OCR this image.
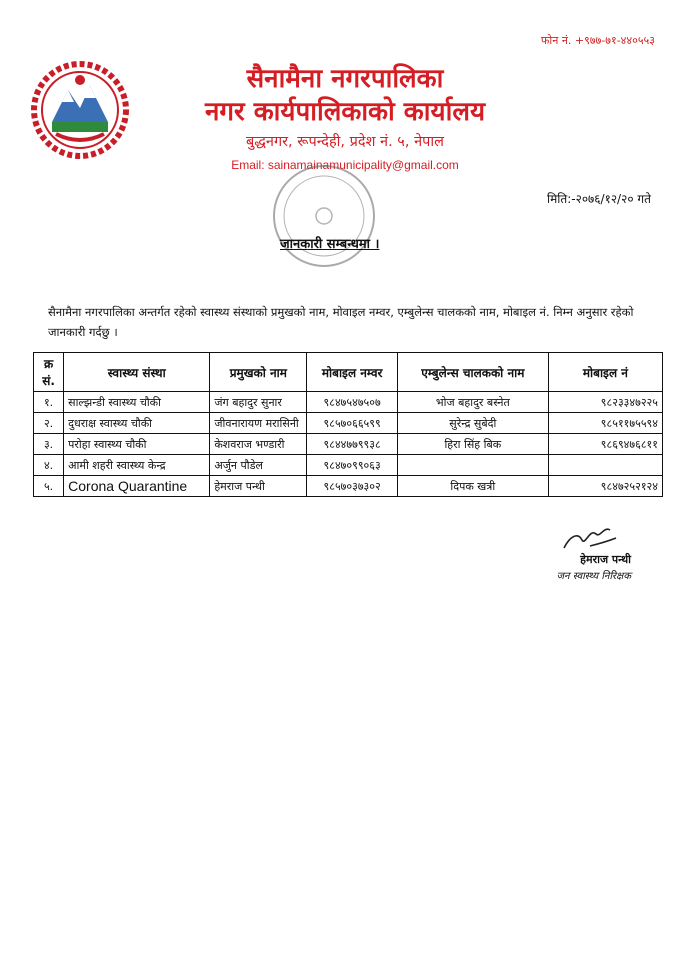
फोन नं. +९७७-७१-४४०५५३
सैनामैना नगरपालिका
नगर कार्यपालिकाको कार्यालय
बुद्धनगर, रूपन्देही, प्रदेश नं. ५, नेपाल
Email: sainamainamunicipality@gmail.com
मिति:-२०७६/१२/२० गते
जानकारी सम्बन्धमा ।
सैनामैना नगरपालिका अन्तर्गत रहेको स्वास्थ्य संस्थाको प्रमुखको नाम, मोवाइल नम्वर, एम्बुलेन्स चालकको नाम, मोबाइल नं. निम्न अनुसार रहेको जानकारी गर्दछु ।
क्र सं.	स्वास्थ्य संस्था	प्रमुखको नाम	मोबाइल नम्वर	एम्बुलेन्स चालकको नाम	मोबाइल नं
१.	साल्झन्डी स्वास्थ्य चौकी	जंग बहादुर सुनार	९८४७५४७५०७	भोज बहादुर बस्नेत	९८२३३४७२२५
२.	दुधराक्ष स्वास्थ्य चौकी	जीवनारायण मरासिनी	९८५७०६६५९९	सुरेन्द्र सुबेदी	९८५११७५५९४
३.	परोहा स्वास्थ्य चौकी	केशवराज भण्डारी	९८४४७७९९३८	हिरा सिंह बिक	९८६९४७६८११
४.	आमी शहरी स्वास्थ्य केन्द्र	अर्जुन पौडेल	९८४७०९९०६३		
५.	Corona Quarantine	हेमराज पन्थी	९८५७०३७३०२	दिपक खत्री	९८४७२५२१२४
हेमराज पन्थी
जन स्वास्थ्य निरिक्षक
